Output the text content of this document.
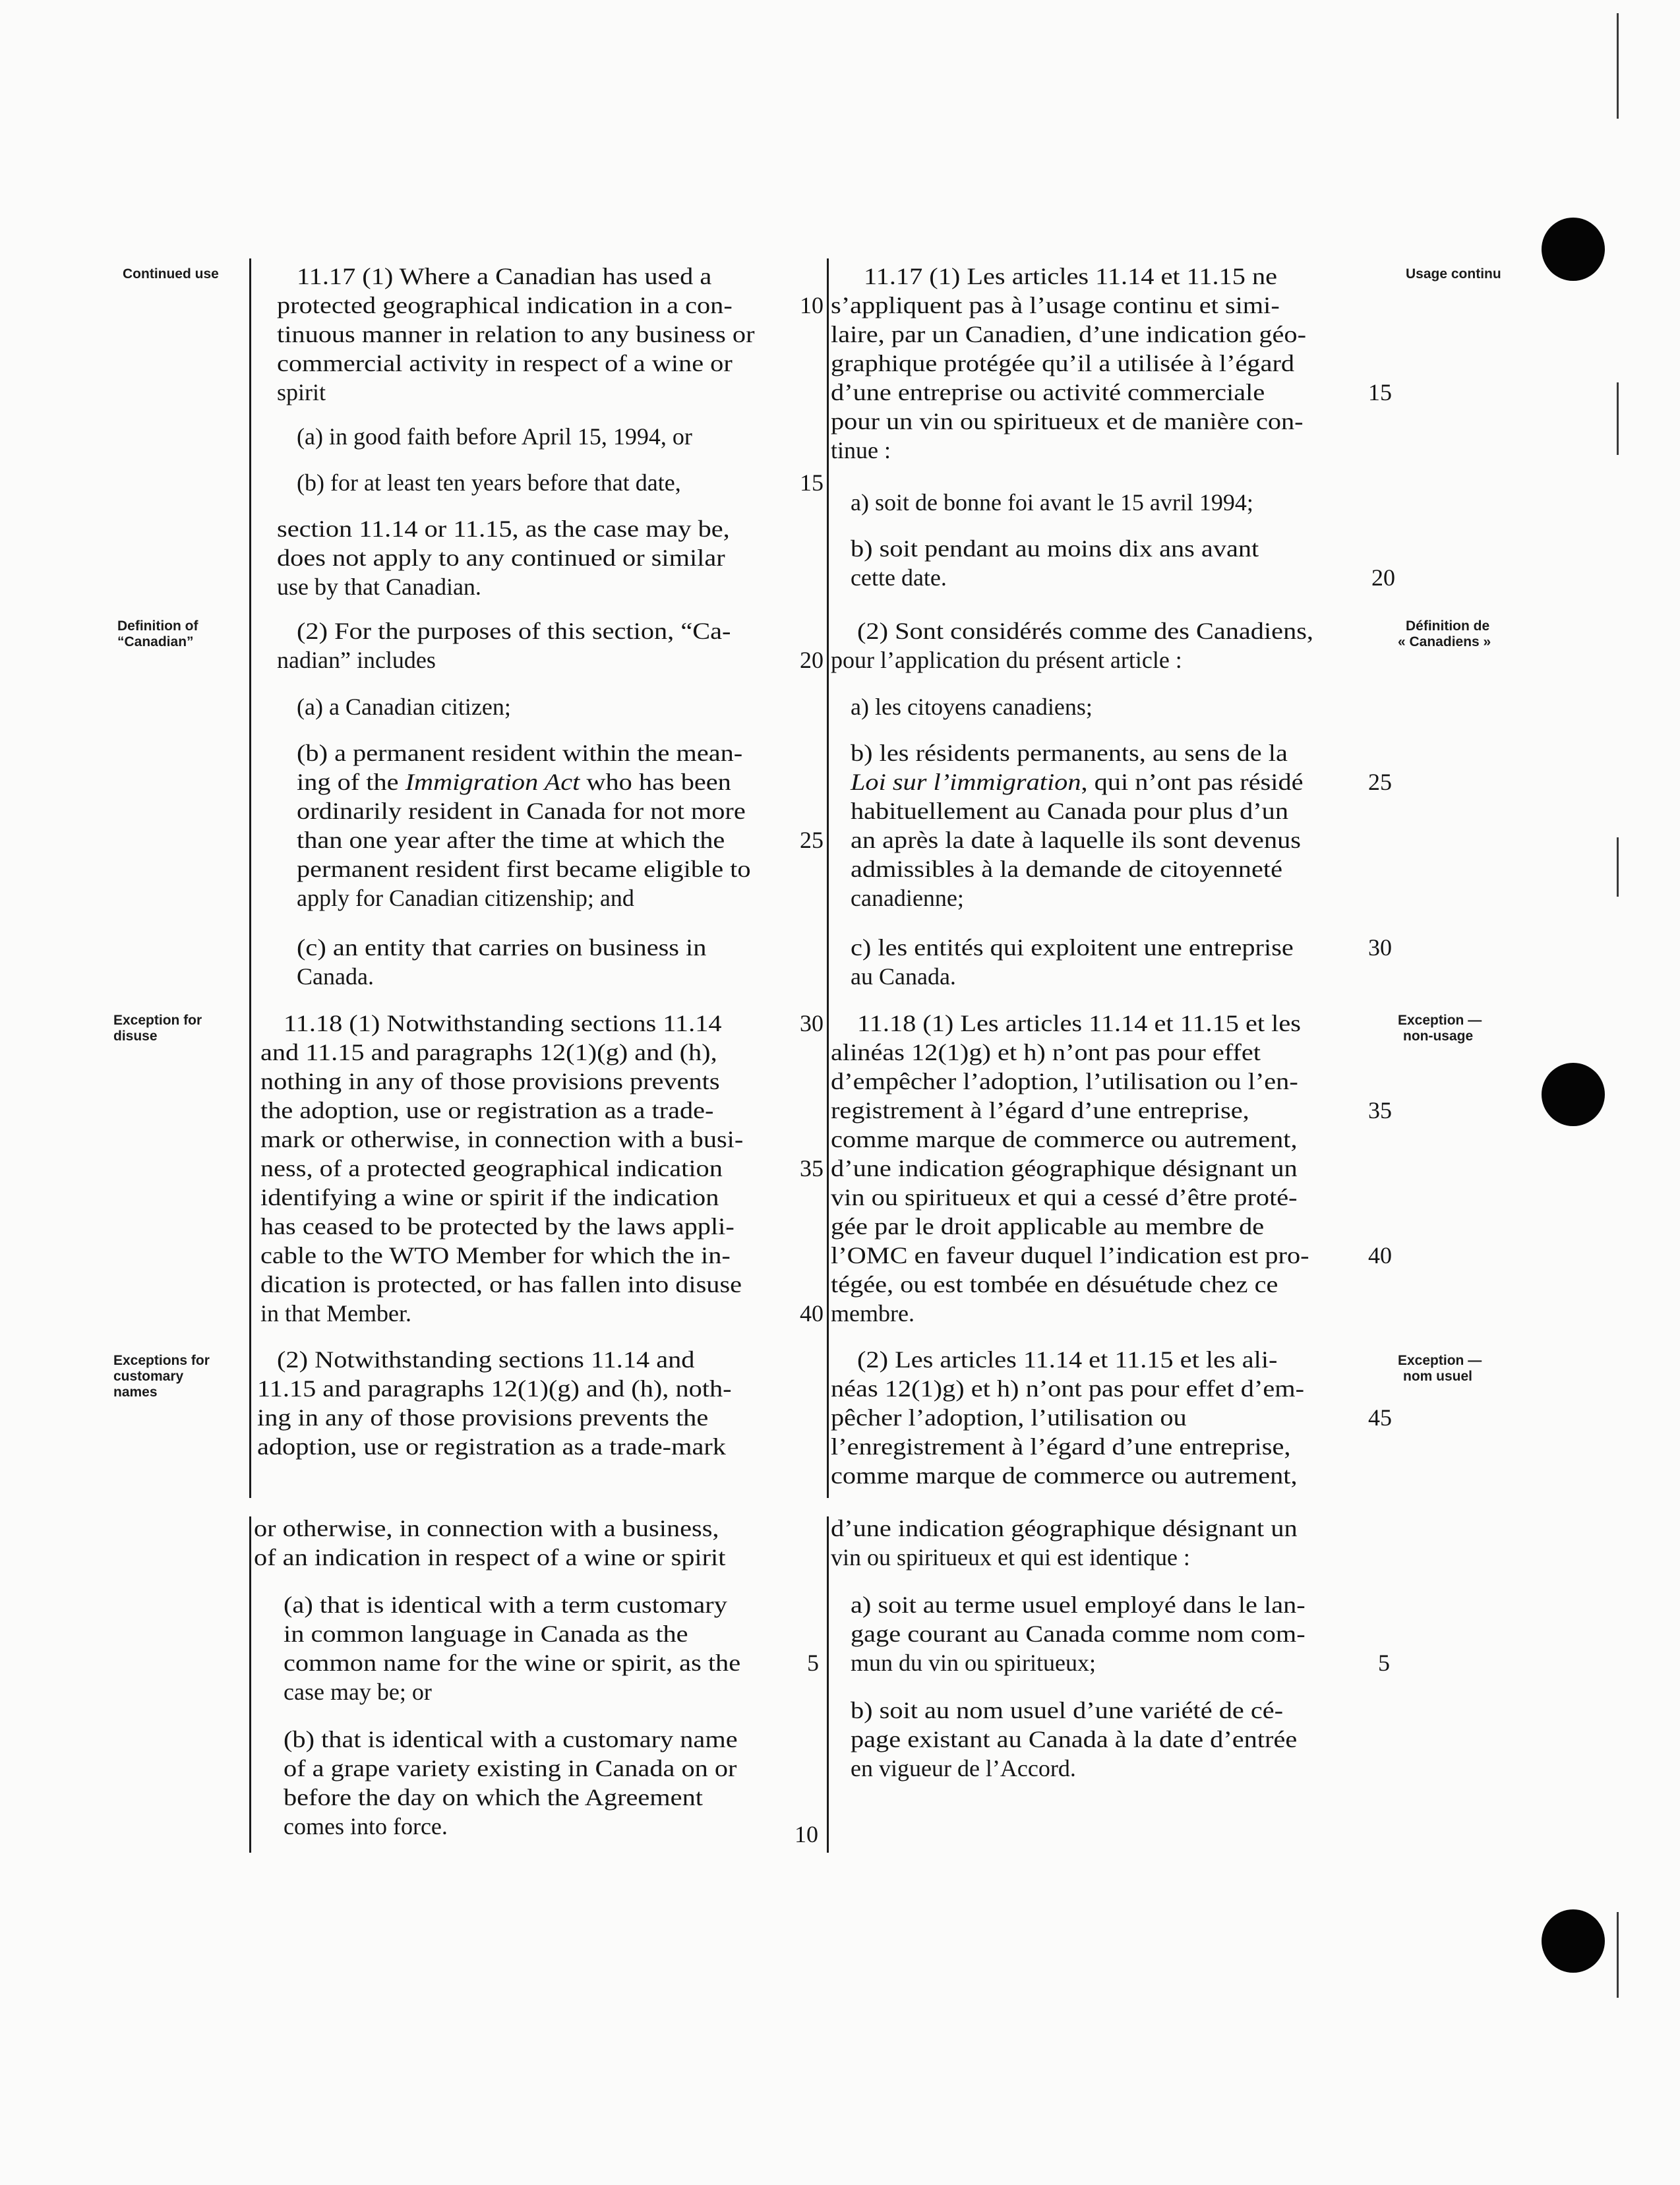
Continued use
Definition of
“Canadian”
Exception for
disuse
Exceptions for
customary
names
Usage continu
Définition de
« Canadiens »
Exception —
non-usage
Exception —
nom usuel
11.17 (1) Where a Canadian has used a
protected geographical indication in a con-
tinuous manner in relation to any business or
commercial activity in respect of a wine or
spirit
(a) in good faith before April 15, 1994, or
(b) for at least ten years before that date,
section 11.14 or 11.15, as the case may be,
does not apply to any continued or similar
use by that Canadian.
(2) For the purposes of this section, “Ca-
nadian” includes
(a) a Canadian citizen;
(b) a permanent resident within the mean-
ing of the Immigration Act who has been
ordinarily resident in Canada for not more
than one year after the time at which the
permanent resident first became eligible to
apply for Canadian citizenship; and
(c) an entity that carries on business in
Canada.
11.18 (1) Notwithstanding sections 11.14
and 11.15 and paragraphs 12(1)(g) and (h),
nothing in any of those provisions prevents
the adoption, use or registration as a trade-
mark or otherwise, in connection with a busi-
ness, of a protected geographical indication
identifying a wine or spirit if the indication
has ceased to be protected by the laws appli-
cable to the WTO Member for which the in-
dication is protected, or has fallen into disuse
in that Member.
(2) Notwithstanding sections 11.14 and
11.15 and paragraphs 12(1)(g) and (h), noth-
ing in any of those provisions prevents the
adoption, use or registration as a trade-mark
or otherwise, in connection with a business,
of an indication in respect of a wine or spirit
(a) that is identical with a term customary
in common language in Canada as the
common name for the wine or spirit, as the
case may be; or
(b) that is identical with a customary name
of a grape variety existing in Canada on or
before the day on which the Agreement
comes into force.
10
15
20
25
30
35
40
5
10
11.17 (1) Les articles 11.14 et 11.15 ne
s’appliquent pas à l’usage continu et simi-
laire, par un Canadien, d’une indication géo-
graphique protégée qu’il a utilisée à l’égard
d’une entreprise ou activité commerciale
pour un vin ou spiritueux et de manière con-
tinue :
a) soit de bonne foi avant le 15 avril 1994;
b) soit pendant au moins dix ans avant
cette date.
(2) Sont considérés comme des Canadiens,
pour l’application du présent article :
a) les citoyens canadiens;
b) les résidents permanents, au sens de la
Loi sur l’immigration, qui n’ont pas résidé
habituellement au Canada pour plus d’un
an après la date à laquelle ils sont devenus
admissibles à la demande de citoyenneté
canadienne;
c) les entités qui exploitent une entreprise
au Canada.
11.18 (1) Les articles 11.14 et 11.15 et les
alinéas 12(1)g) et h) n’ont pas pour effet
d’empêcher l’adoption, l’utilisation ou l’en-
registrement à l’égard d’une entreprise,
comme marque de commerce ou autrement,
d’une indication géographique désignant un
vin ou spiritueux et qui a cessé d’être proté-
gée par le droit applicable au membre de
l’OMC en faveur duquel l’indication est pro-
tégée, ou est tombée en désuétude chez ce
membre.
(2) Les articles 11.14 et 11.15 et les ali-
néas 12(1)g) et h) n’ont pas pour effet d’em-
pêcher l’adoption, l’utilisation ou
l’enregistrement à l’égard d’une entreprise,
comme marque de commerce ou autrement,
d’une indication géographique désignant un
vin ou spiritueux et qui est identique :
a) soit au terme usuel employé dans le lan-
gage courant au Canada comme nom com-
mun du vin ou spiritueux;
b) soit au nom usuel d’une variété de cé-
page existant au Canada à la date d’entrée
en vigueur de l’Accord.
15
20
25
30
35
40
45
5
